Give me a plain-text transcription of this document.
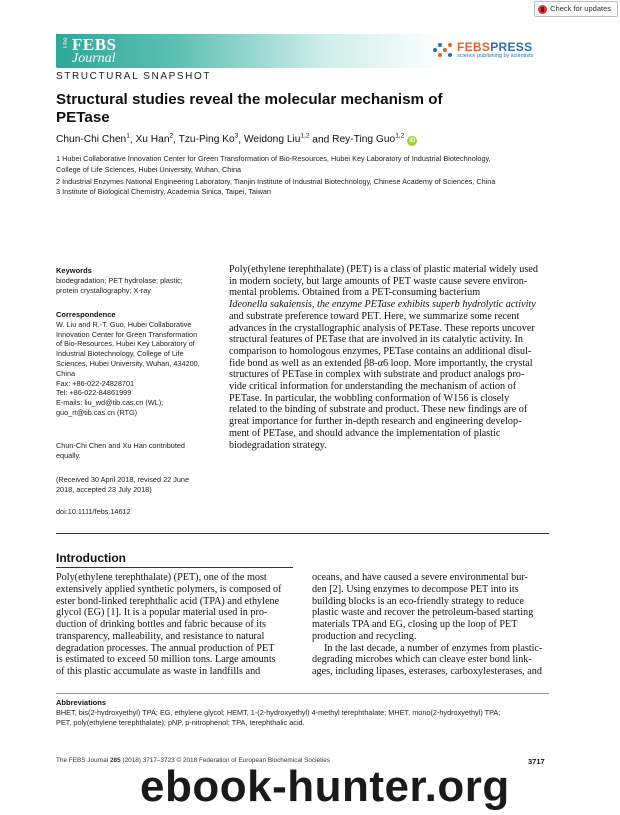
Check for updates
The FEBS
Journal
FEBSPRESS
science publishing by scientists
STRUCTURAL SNAPSHOT
Structural studies reveal the molecular mechanism of
PETase
Chun-Chi Chen$^1$, Xu Han$^2$, Tzu-Ping Ko$^3$, Weidong Liu$^{1,2}$ and Rey-Ting Guo$^{1,2}$iD
1 Hubei Collaborative Innovation Center for Green Transformation of Bio-Resources, Hubei Key Laboratory of Industrial Biotechnology,
College of Life Sciences, Hubei University, Wuhan, China
2 Industrial Enzymes National Engineering Laboratory, Tianjin Institute of Industrial Biotechnology, Chinese Academy of Sciences, China
3 Institute of Biological Chemistry, Academia Sinica, Taipei, Taiwan
Keywords
biodegradation; PET hydrolase; plastic;
protein crystallography; X-ray
Correspondence
W. Liu and R.-T. Guo, Hubei Collaborative
Innovation Center for Green Transformation
of Bio-Resources, Hubei Key Laboratory of
Industrial Biotechnology, College of Life
Sciences, Hubei University, Wuhan, 434200,
China
Fax: +86-022-24828701
Tel: +86-022-84861999
E-mails: liu_wd@tib.cas.cn (WL);
guo_rt@tib.cas.cn (RTG)
Chun-Chi Chen and Xu Han contributed
equally.
(Received 30 April 2018, revised 22 June
2018, accepted 23 July 2018)
doi:10.1111/febs.14612
Poly(ethylene terephthalate) (PET) is a class of plastic material widely used
in modern society, but large amounts of PET waste cause severe environ-
mental problems. Obtained from a PET-consuming bacterium
Ideonella sakaiensis, the enzyme PETase exhibits superb hydrolytic activity
and substrate preference toward PET. Here, we summarize some recent
advances in the crystallographic analysis of PETase. These reports uncover
structural features of PETase that are involved in its catalytic activity. In
comparison to homologous enzymes, PETase contains an additional disul-
fide bond as well as an extended β8-α6 loop. More importantly, the crystal
structures of PETase in complex with substrate and product analogs pro-
vide critical information for understanding the mechanism of action of
PETase. In particular, the wobbling conformation of W156 is closely
related to the binding of substrate and product. These new findings are of
great importance for further in-depth research and engineering develop-
ment of PETase, and should advance the implementation of plastic
biodegradation strategy.
Introduction
Poly(ethylene terephthalate) (PET), one of the most
extensively applied synthetic polymers, is composed of
ester bond-linked terephthalic acid (TPA) and ethylene
glycol (EG) [1]. It is a popular material used in pro-
duction of drinking bottles and fabric because of its
transparency, malleability, and resistance to natural
degradation processes. The annual production of PET
is estimated to exceed 50 million tons. Large amounts
of this plastic accumulate as waste in landfills and
oceans, and have caused a severe environmental bur-
den [2]. Using enzymes to decompose PET into its
building blocks is an eco-friendly strategy to reduce
plastic waste and recover the petroleum-based starting
materials TPA and EG, closing up the loop of PET
production and recycling.
In the last decade, a number of enzymes from plastic-
degrading microbes which can cleave ester bond link-
ages, including lipases, esterases, carboxylesterases, and
Abbreviations
BHET, bis(2-hydroxyethyl) TPA; EG, ethylene glycol; HEMT, 1-(2-hydroxyethyl) 4-methyl terephthalate; MHET, mono(2-hydroxyethyl) TPA;
PET, poly(ethylene terephthalate); pNP, p-nitrophenol; TPA, terephthalic acid.
The FEBS Journal 285 (2018) 3717–3723 © 2018 Federation of European Biochemical Societies	3717
ebook-hunter.org
